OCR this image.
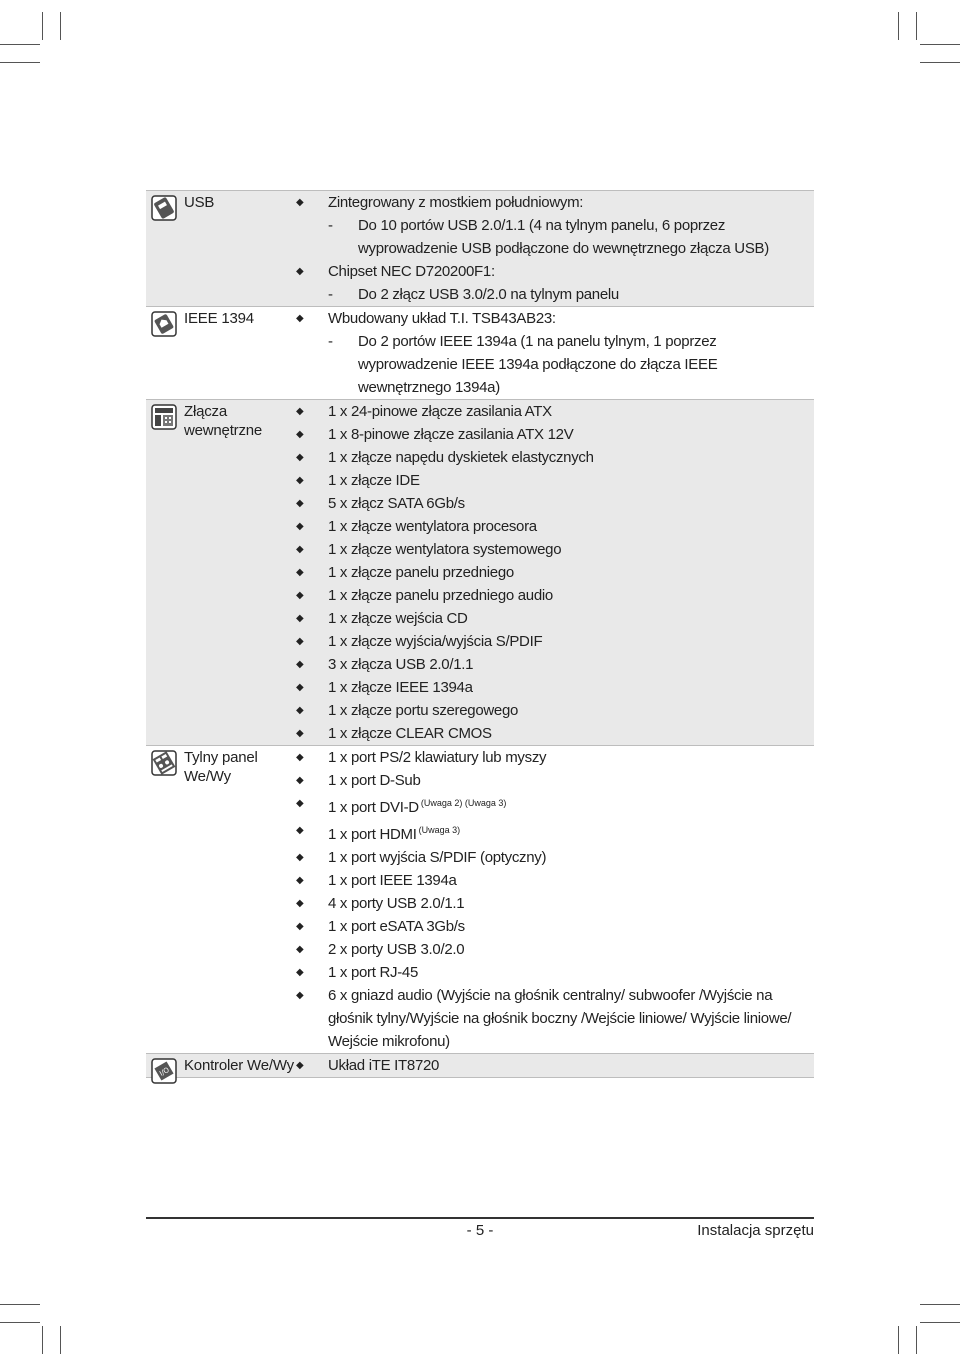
USB	◆	Zintegrowany z mostkiem południowym:
-	Do 10 portów USB 2.0/1.1 (4 na tylnym panelu, 6 poprzez wyprowadzenie USB podłączone do wewnętrznego złącza USB)
◆	Chipset NEC D720200F1:
-	Do 2 złącz USB 3.0/2.0 na tylnym panelu
IEEE 1394	◆	Wbudowany układ T.I. TSB43AB23:
-	Do 2 portów IEEE 1394a (1 na panelu tylnym, 1 poprzez wyprowadzenie IEEE 1394a podłączone do złącza IEEE wewnętrznego 1394a)
Złącza wewnętrzne
◆	1 x 24-pinowe złącze zasilania ATX
◆	1 x 8-pinowe złącze zasilania ATX 12V
◆	1 x złącze napędu dyskietek elastycznych
◆	1 x złącze IDE
◆	5 x złącz SATA 6Gb/s
◆	1 x złącze wentylatora procesora
◆	1 x złącze wentylatora systemowego
◆	1 x złącze panelu przedniego
◆	1 x złącze panelu przedniego audio
◆	1 x złącze wejścia CD
◆	1 x złącze wyjścia/wyjścia S/PDIF
◆	3 x złącza USB 2.0/1.1
◆	1 x złącze IEEE 1394a
◆	1 x złącze portu szeregowego
◆	1 x złącze CLEAR CMOS
Tylny panel We/Wy
◆	1 x port PS/2 klawiatury lub myszy
◆	1 x port D-Sub
◆	1 x port DVI-D $^{(Uwaga 2) (Uwaga 3)}$
◆	1 x port HDMI $^{(Uwaga 3)}$
◆	1 x port wyjścia S/PDIF (optyczny)
◆	1 x port IEEE 1394a
◆	4 x porty USB 2.0/1.1
◆	1 x port eSATA 3Gb/s
◆	2 x porty USB 3.0/2.0
◆	1 x port RJ-45
◆	6 x gniazd audio (Wyjście na głośnik centralny/ subwoofer /Wyjście na głośnik tylny/Wyjście na głośnik boczny /Wejście liniowe/ Wyjście liniowe/ Wejście mikrofonu)
I/O Kontroler We/Wy ◆	Układ iTE IT8720
- 5 -	Instalacja sprzętu
